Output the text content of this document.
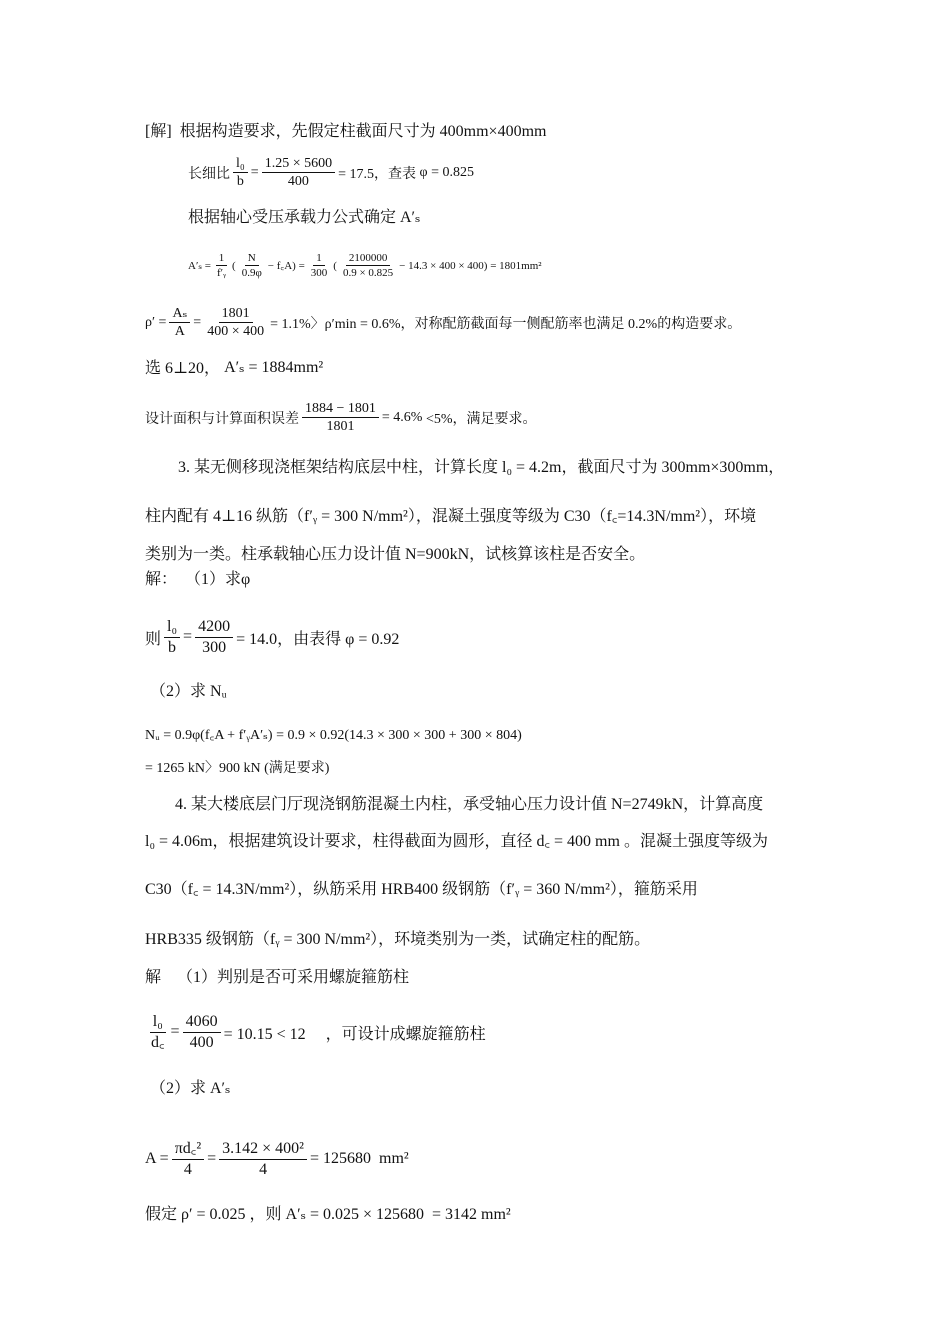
[解]  根据构造要求，先假定柱截面尺寸为 400mm×400mm
长细比 $\frac{\text{l₀}}{b} = \frac{1.25 \times 5600}{400} = 17.5$，查表 φ = 0.825
根据轴心受压承载力公式确定 A′ₛ
$A'_s = \frac{1}{\text{f′ᵧ}}$ ( $\frac{N}{0.9\varphi}$ − f꜀A) = $\frac{1}{300}$ ( $\frac{2100000}{0.9 \times 0.825} - 14.3 \times 400 \times 400) = 1801mm^2$
$\rho' = \frac{\text{Aₛ}}{A} = \frac{1801}{400 \times 400} = 1.1\%$〉ρ′min = 0.6%， 对称配筋截面每一侧配筋率也满足 0.2%的构造要求。
选 6⊥20， A′ₛ = 1884mm²
设计面积与计算面积误差 $\frac{1884 - 1801}{1801} = 4.6\% <5\%$，满足要求。
3. 某无侧移现浇框架结构底层中柱，计算长度 l₀ = 4.2m，截面尺寸为 300mm×300mm，
柱内配有 4⊥16 纵筋（f′ᵧ = 300 N/mm²），混凝土强度等级为 C30（f꜀=14.3N/mm²），环境
类别为一类。柱承载轴心压力设计值 N=900kN，试核算该柱是否安全。
解：  （1）求φ
则 $\frac{\text{l₀}}{b} = \frac{4200}{300} = 14.0$，由表得 φ = 0.92
（2）求 Nᵤ
Nᵤ = 0.9φ(f꜀A + f′ᵧA′ₛ) = 0.9 × 0.92(14.3 × 300 × 300 + 300 × 804)
= 1265 kN〉900 kN (满足要求)
4. 某大楼底层门厅现浇钢筋混凝土内柱，承受轴心压力设计值 N=2749kN，计算高度
l₀ = 4.06m，根据建筑设计要求，柱得截面为圆形，直径 d꜀ = 400 mm 。混凝土强度等级为
C30（f꜀ = 14.3N/mm²），纵筋采用 HRB400 级钢筋（f′ᵧ = 360 N/mm²），箍筋采用
HRB335 级钢筋（fᵧ = 300 N/mm²），环境类别为一类，试确定柱的配筋。
解    （1）判别是否可采用螺旋箍筋柱
$\frac{\text{l₀}}{d꜀} = \frac{4060}{400} = 10.15 < 12$     ，可设计成螺旋箍筋柱
（2）求 A′ₛ
$A = \frac{\text{πd꜀²}}{4} = \frac{\text{3.142 × 400²}}{4} = 125680$  mm²
假定 ρ′ = 0.025 ，则 A′ₛ = 0.025 × 125680  = 3142 mm²
